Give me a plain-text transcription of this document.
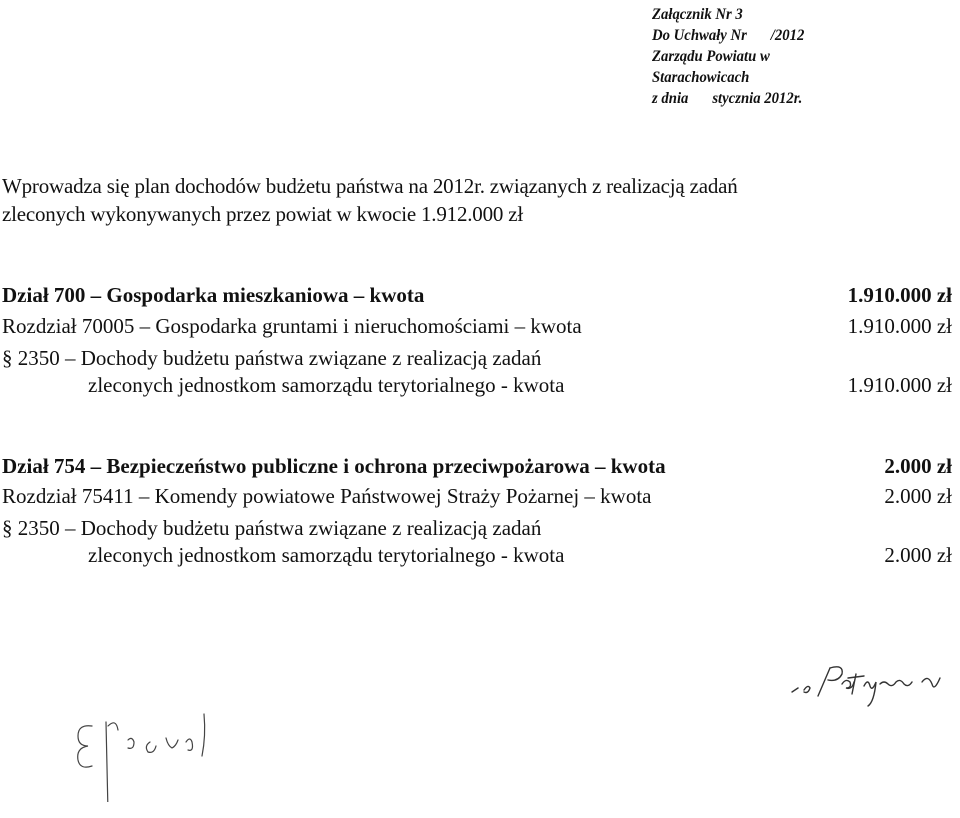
Załącznik Nr 3
Do Uchwały Nr /2012
Zarządu Powiatu w
Starachowicach
z dnia stycznia 2012r.
Wprowadza się plan dochodów budżetu państwa na 2012r. związanych z realizacją zadań
zleconych wykonywanych przez powiat w kwocie 1.912.000 zł
Dział 700 – Gospodarka mieszkaniowa – kwota	1.910.000 zł
Rozdział 70005 – Gospodarka gruntami i nieruchomościami – kwota	1.910.000 zł
§ 2350 – Dochody budżetu państwa związane z realizacją zadań
zleconych jednostkom samorządu terytorialnego - kwota	1.910.000 zł
Dział 754 – Bezpieczeństwo publiczne i ochrona przeciwpożarowa – kwota	2.000 zł
Rozdział 75411 – Komendy powiatowe Państwowej Straży Pożarnej – kwota	2.000 zł
§ 2350 – Dochody budżetu państwa związane z realizacją zadań
zleconych jednostkom samorządu terytorialnego - kwota	2.000 zł
